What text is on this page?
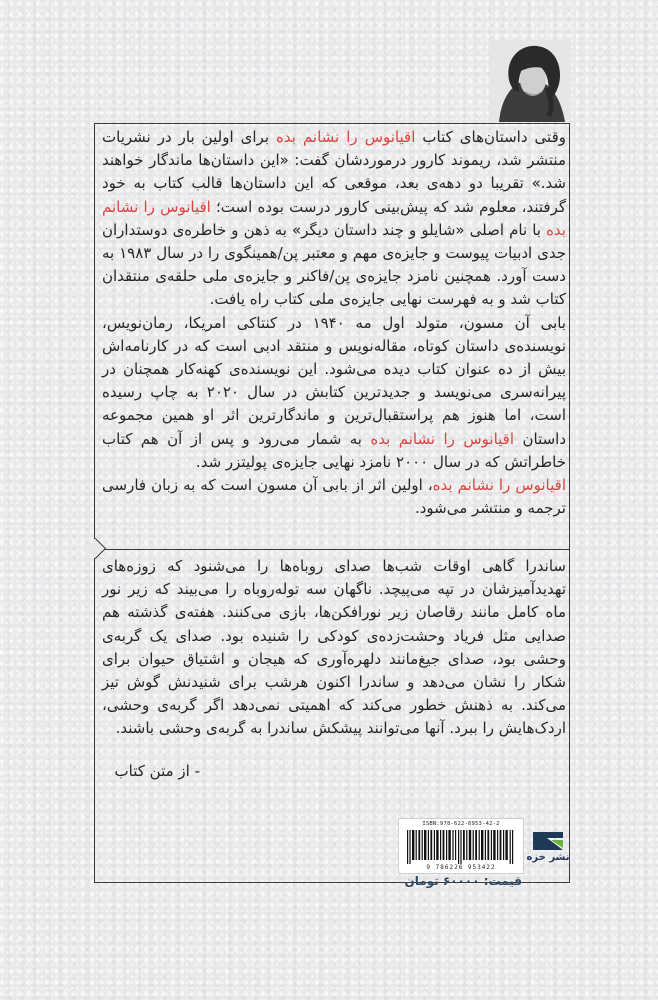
وقتی داستان‌های کتاب اقیانوس را نشانم بده برای اولین بار در نشریات منتشر شد، ریموند کارور درموردشان گفت: «این داستان‌ها ماندگار خواهند شد.» تقریبا دو دهه‌ی بعد، موقعی که این داستان‌ها قالب کتاب به خود گرفتند، معلوم شد که پیش‌بینی کارور درست بوده است؛ اقیانوس را نشانم بده با نام اصلی «شایلو و چند داستان دیگر» به ذهن و خاطره‌ی دوستداران جدی ادبیات پیوست و جایزه‌ی مهم و معتبر پن/همینگوی را در سال ۱۹۸۳ به دست آورد. همچنین نامزد جایزه‌ی پن/فاکنر و جایزه‌ی ملی حلقه‌ی منتقدان کتاب شد و به فهرست نهایی جایزه‌ی ملی کتاب راه یافت.

بابی آن مسون، متولد اول مه ۱۹۴۰ در کنتاکی امریکا، رمان‌نویس، نویسنده‌ی داستان کوتاه، مقاله‌نویس و منتقد ادبی است که در کارنامه‌اش بیش از ده عنوان کتاب دیده می‌شود. این نویسنده‌ی کهنه‌کار همچنان در پیرانه‌سری می‌نویسد و جدیدترین کتابش در سال ۲۰۲۰ به چاپ رسیده است، اما هنوز هم پراستقبال‌ترین و ماندگارترین اثر او همین مجموعه داستان اقیانوس را نشانم بده به شمار می‌رود و پس از آن هم کتاب خاطراتش که در سال ۲۰۰۰ نامزد نهایی جایزه‌ی پولیتزر شد.

اقیانوس را نشانم بده، اولین اثر از بابی آن مسون است که به زبان فارسی ترجمه و منتشر می‌شود.

ساندرا گاهی اوقات شب‌ها صدای روباه‌ها را می‌شنود که زوزه‌های تهدیدآمیزشان در تپه می‌پیچد. ناگهان سه توله‌روباه را می‌بیند که زیر نور ماه کامل مانند رقاصان زیر نورافکن‌ها، بازی می‌کنند. هفته‌ی گذشته هم صدایی مثل فریاد وحشت‌زده‌ی کودکی را شنیده بود. صدای یک گربه‌ی وحشی بود، صدای جیغ‌مانند دلهره‌آوری که هیجان و اشتیاق حیوان برای شکار را نشان می‌دهد و ساندرا اکنون هرشب برای شنیدنش گوش تیز می‌کند. به ذهنش خطور می‌کند که اهمیتی نمی‌دهد اگر گربه‌ی وحشی، اردک‌هایش را ببرد. آنها می‌توانند پیشکش ساندرا به گربه‌ی وحشی باشند.

- از متن کتاب
ISBN:978-622-6953-42-2
9 786226 953422
قیمت: ۶۰۰۰۰ تومان
نشر خزه
